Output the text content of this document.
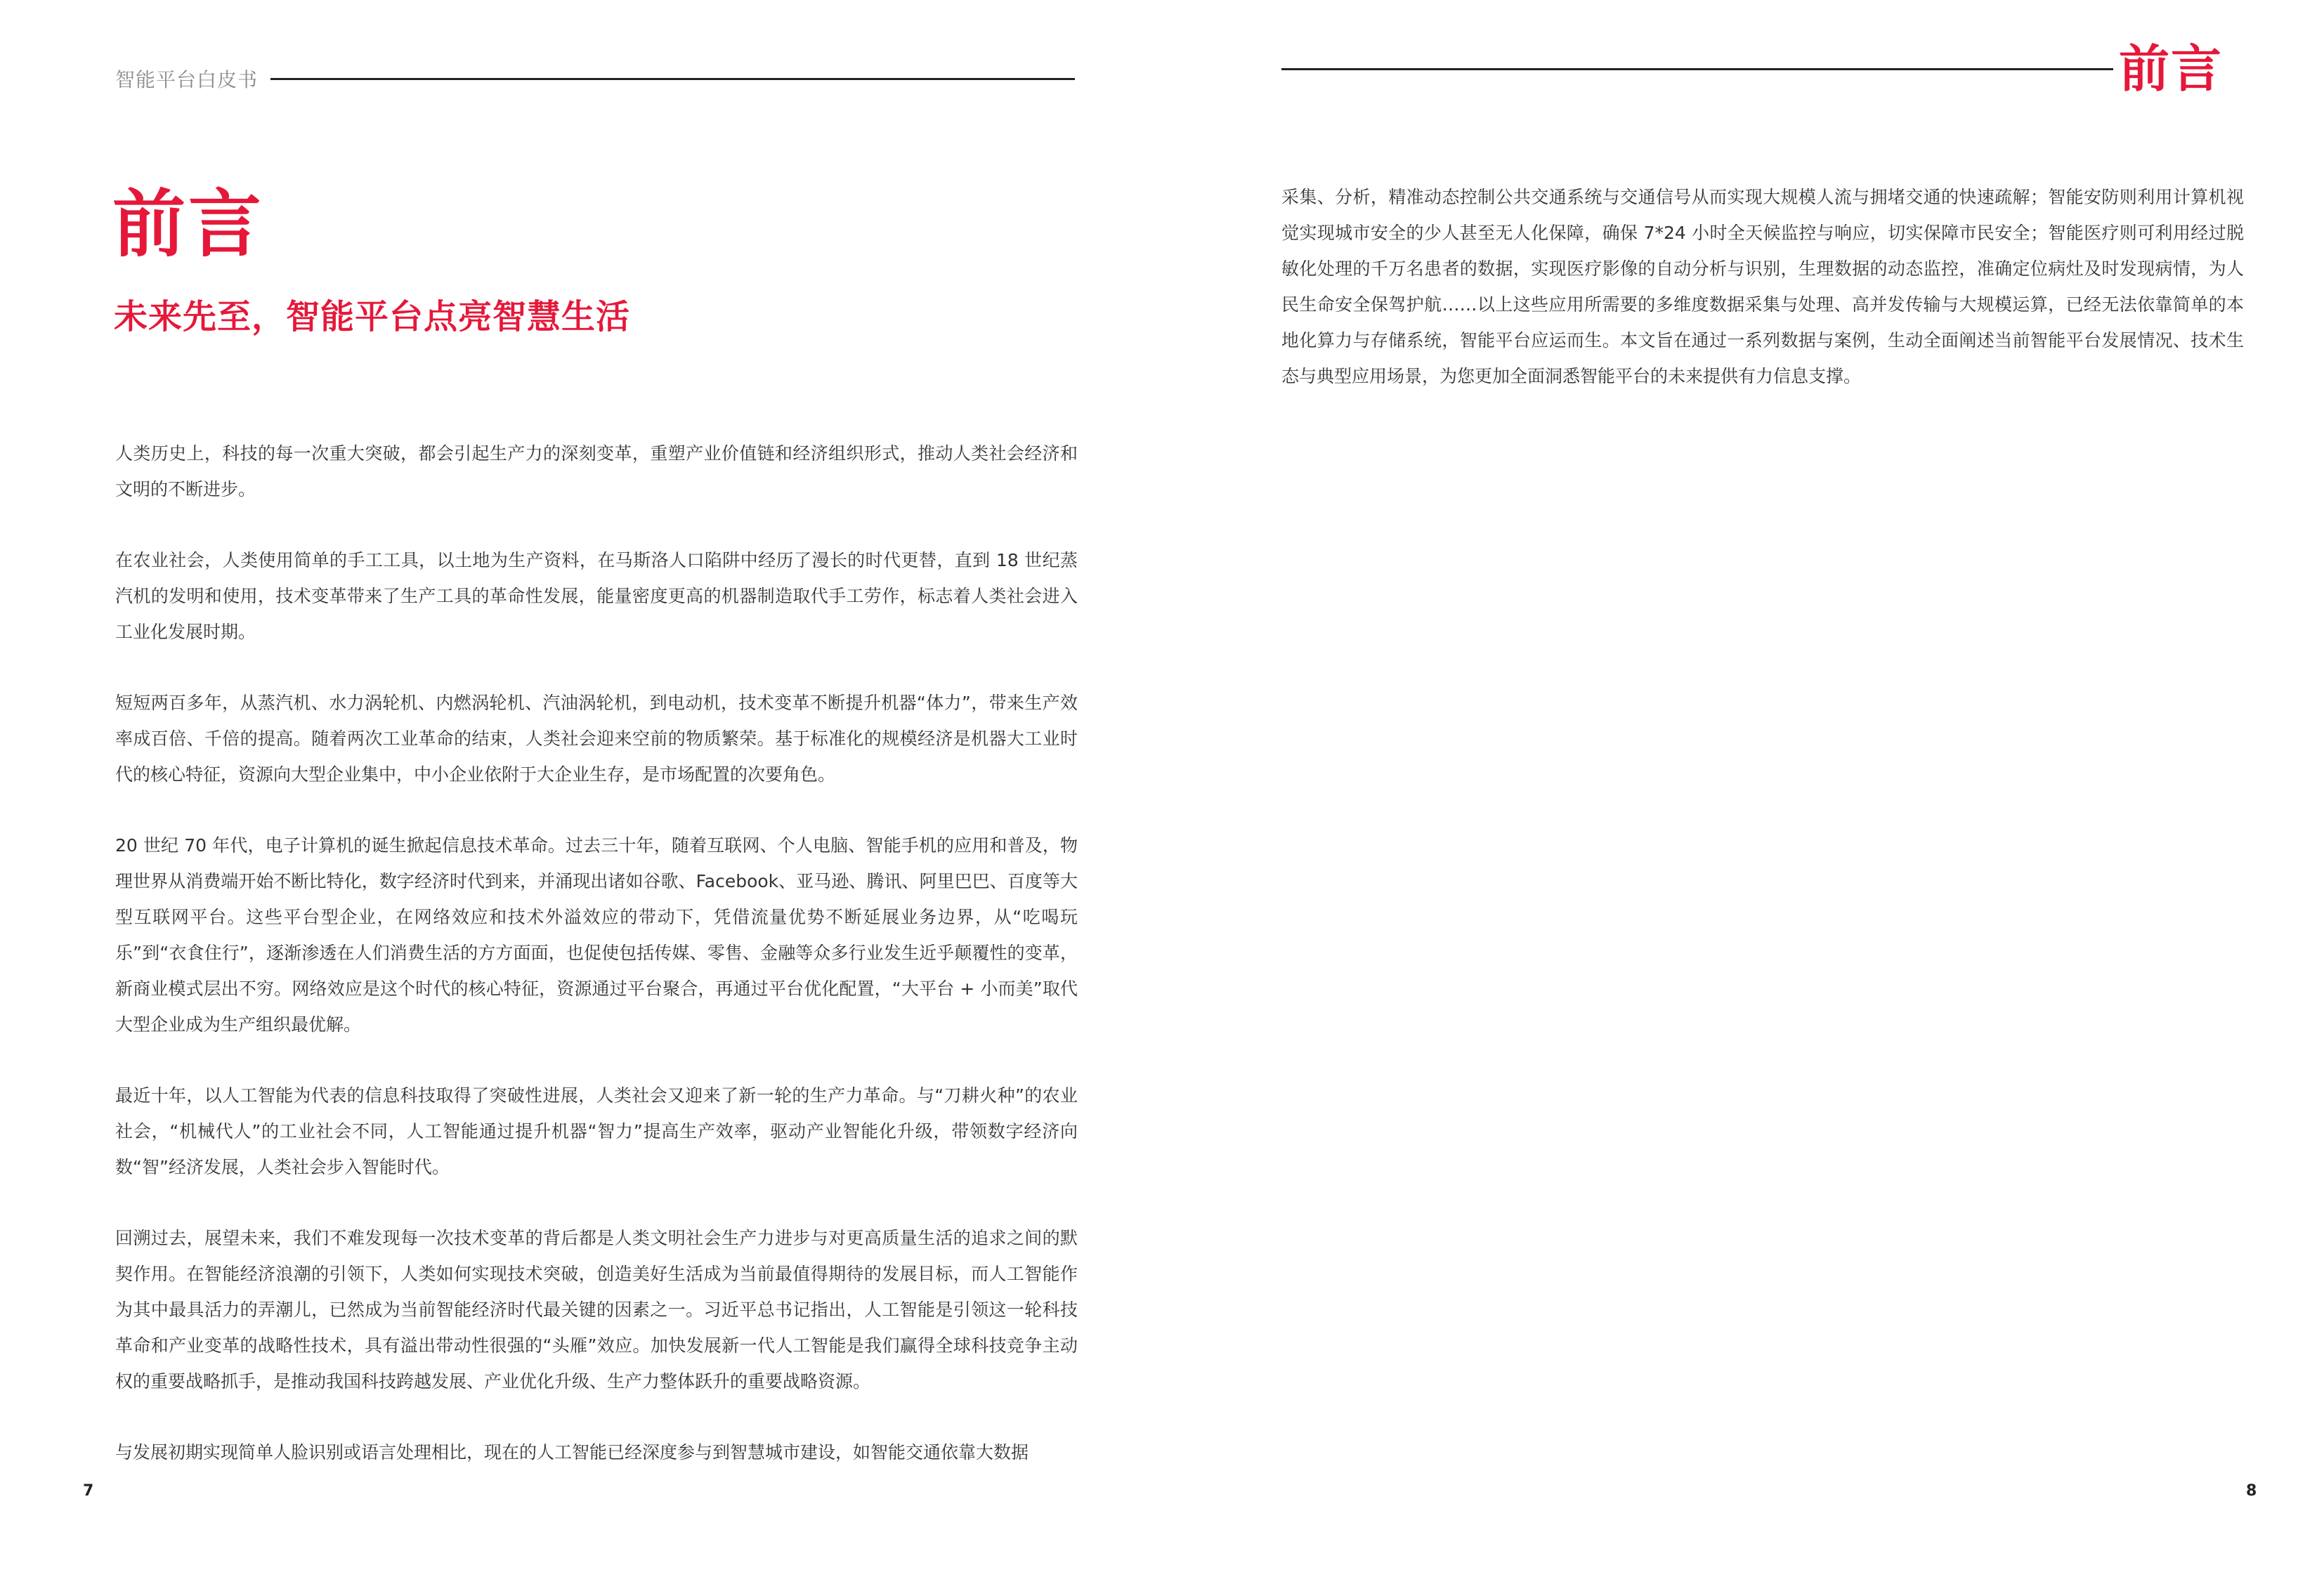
智能平台白皮书
前言
未来先至，智能平台点亮智慧生活

人类历史上，科技的每一次重大突破，都会引起生产力的深刻变革，重塑产业价值链和经济组织形式，推动人类社会经济和文明的不断进步。

在农业社会，人类使用简单的手工工具，以土地为生产资料，在马斯洛人口陷阱中经历了漫长的时代更替，直到 18 世纪蒸汽机的发明和使用，技术变革带来了生产工具的革命性发展，能量密度更高的机器制造取代手工劳作，标志着人类社会进入工业化发展时期。

短短两百多年，从蒸汽机、水力涡轮机、内燃涡轮机、汽油涡轮机，到电动机，技术变革不断提升机器“体力”，带来生产效率成百倍、千倍的提高。随着两次工业革命的结束，人类社会迎来空前的物质繁荣。基于标准化的规模经济是机器大工业时代的核心特征，资源向大型企业集中，中小企业依附于大企业生存，是市场配置的次要角色。

20 世纪 70 年代，电子计算机的诞生掀起信息技术革命。过去三十年，随着互联网、个人电脑、智能手机的应用和普及，物理世界从消费端开始不断比特化，数字经济时代到来，并涌现出诸如谷歌、Facebook、亚马逊、腾讯、阿里巴巴、百度等大型互联网平台。这些平台型企业，在网络效应和技术外溢效应的带动下，凭借流量优势不断延展业务边界，从“吃喝玩乐”到“衣食住行”，逐渐渗透在人们消费生活的方方面面，也促使包括传媒、零售、金融等众多行业发生近乎颠覆性的变革，新商业模式层出不穷。网络效应是这个时代的核心特征，资源通过平台聚合，再通过平台优化配置，“大平台 + 小而美”取代大型企业成为生产组织最优解。

最近十年，以人工智能为代表的信息科技取得了突破性进展，人类社会又迎来了新一轮的生产力革命。与“刀耕火种”的农业社会，“机械代人”的工业社会不同，人工智能通过提升机器“智力”提高生产效率，驱动产业智能化升级，带领数字经济向数“智”经济发展，人类社会步入智能时代。

回溯过去，展望未来，我们不难发现每一次技术变革的背后都是人类文明社会生产力进步与对更高质量生活的追求之间的默契作用。在智能经济浪潮的引领下，人类如何实现技术突破，创造美好生活成为当前最值得期待的发展目标，而人工智能作为其中最具活力的弄潮儿，已然成为当前智能经济时代最关键的因素之一。习近平总书记指出，人工智能是引领这一轮科技革命和产业变革的战略性技术，具有溢出带动性很强的“头雁”效应。加快发展新一代人工智能是我们赢得全球科技竞争主动权的重要战略抓手，是推动我国科技跨越发展、产业优化升级、生产力整体跃升的重要战略资源。

与发展初期实现简单人脸识别或语言处理相比，现在的人工智能已经深度参与到智慧城市建设，如智能交通依靠大数据

7
前言

采集、分析，精准动态控制公共交通系统与交通信号从而实现大规模人流与拥堵交通的快速疏解；智能安防则利用计算机视觉实现城市安全的少人甚至无人化保障，确保 7*24 小时全天候监控与响应，切实保障市民安全；智能医疗则可利用经过脱敏化处理的千万名患者的数据，实现医疗影像的自动分析与识别，生理数据的动态监控，准确定位病灶及时发现病情，为人民生命安全保驾护航……以上这些应用所需要的多维度数据采集与处理、高并发传输与大规模运算，已经无法依靠简单的本地化算力与存储系统，智能平台应运而生。本文旨在通过一系列数据与案例，生动全面阐述当前智能平台发展情况、技术生态与典型应用场景，为您更加全面洞悉智能平台的未来提供有力信息支撑。

8
